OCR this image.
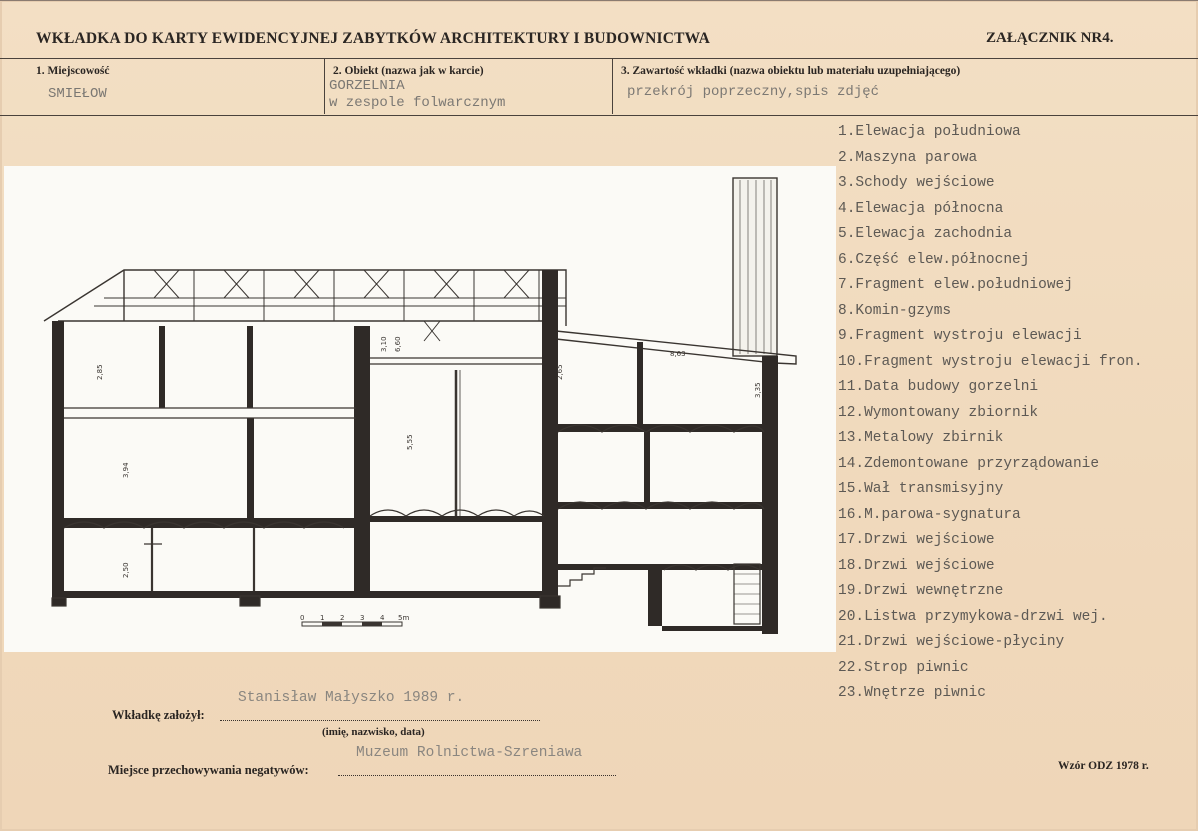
WKŁADKA DO KARTY EWIDENCYJNEJ ZABYTKÓW ARCHITEKTURY I BUDOWNICTWA	ZAŁĄCZNIK NR4.
1. Miejscowość
SMIEŁOW
2. Obiekt (nazwa jak w karcie)
GORZELNIA
w zespole folwarcznym
3. Zawartość wkładki (nazwa obiektu lub materiału uzupełniającego)
przekrój poprzeczny,spis zdjęć
2,85
3,94
2,50
3,10
5,55
2,65
3,35
6,60
8,63
0 1 2 3 4 5m
1.Elewacja południowa
2.Maszyna parowa
3.Schody wejściowe
4.Elewacja północna
5.Elewacja zachodnia
6.Część elew.północnej
7.Fragment elew.południowej
8.Komin-gzyms
9.Fragment wystroju elewacji
10.Fragment wystroju elewacji fron.
11.Data budowy gorzelni
12.Wymontowany zbiornik
13.Metalowy zbirnik
14.Zdemontowane przyrządowanie
15.Wał transmisyjny
16.M.parowa-sygnatura
17.Drzwi wejściowe
18.Drzwi wejściowe
19.Drzwi wewnętrzne
20.Listwa przymykowa-drzwi wej.
21.Drzwi wejściowe-płyciny
22.Strop piwnic
23.Wnętrze piwnic
Stanisław Małyszko 1989 r.
Wkładkę założył:
(imię, nazwisko, data)
Muzeum Rolnictwa-Szreniawa
Miejsce przechowywania negatywów:	Wzór ODZ 1978 r.
